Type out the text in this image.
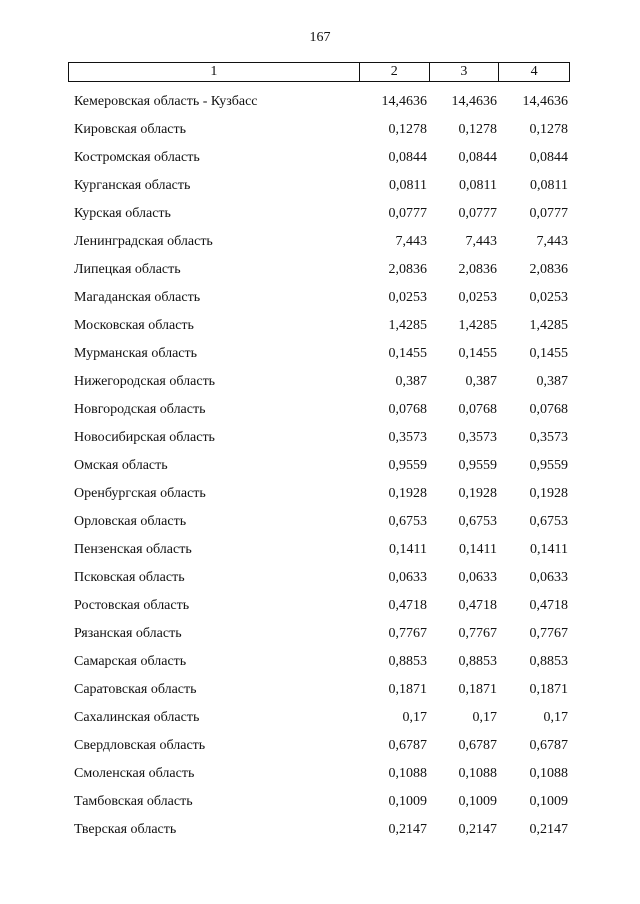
167
1	2	3	4
Кемеровская область - Кузбасс	14,4636	14,4636	14,4636
Кировская область	0,1278	0,1278	0,1278
Костромская область	0,0844	0,0844	0,0844
Курганская область	0,0811	0,0811	0,0811
Курская область	0,0777	0,0777	0,0777
Ленинградская область	7,443	7,443	7,443
Липецкая область	2,0836	2,0836	2,0836
Магаданская область	0,0253	0,0253	0,0253
Московская область	1,4285	1,4285	1,4285
Мурманская область	0,1455	0,1455	0,1455
Нижегородская область	0,387	0,387	0,387
Новгородская область	0,0768	0,0768	0,0768
Новосибирская область	0,3573	0,3573	0,3573
Омская область	0,9559	0,9559	0,9559
Оренбургская область	0,1928	0,1928	0,1928
Орловская область	0,6753	0,6753	0,6753
Пензенская область	0,1411	0,1411	0,1411
Псковская область	0,0633	0,0633	0,0633
Ростовская область	0,4718	0,4718	0,4718
Рязанская область	0,7767	0,7767	0,7767
Самарская область	0,8853	0,8853	0,8853
Саратовская область	0,1871	0,1871	0,1871
Сахалинская область	0,17	0,17	0,17
Свердловская область	0,6787	0,6787	0,6787
Смоленская область	0,1088	0,1088	0,1088
Тамбовская область	0,1009	0,1009	0,1009
Тверская область	0,2147	0,2147	0,2147
